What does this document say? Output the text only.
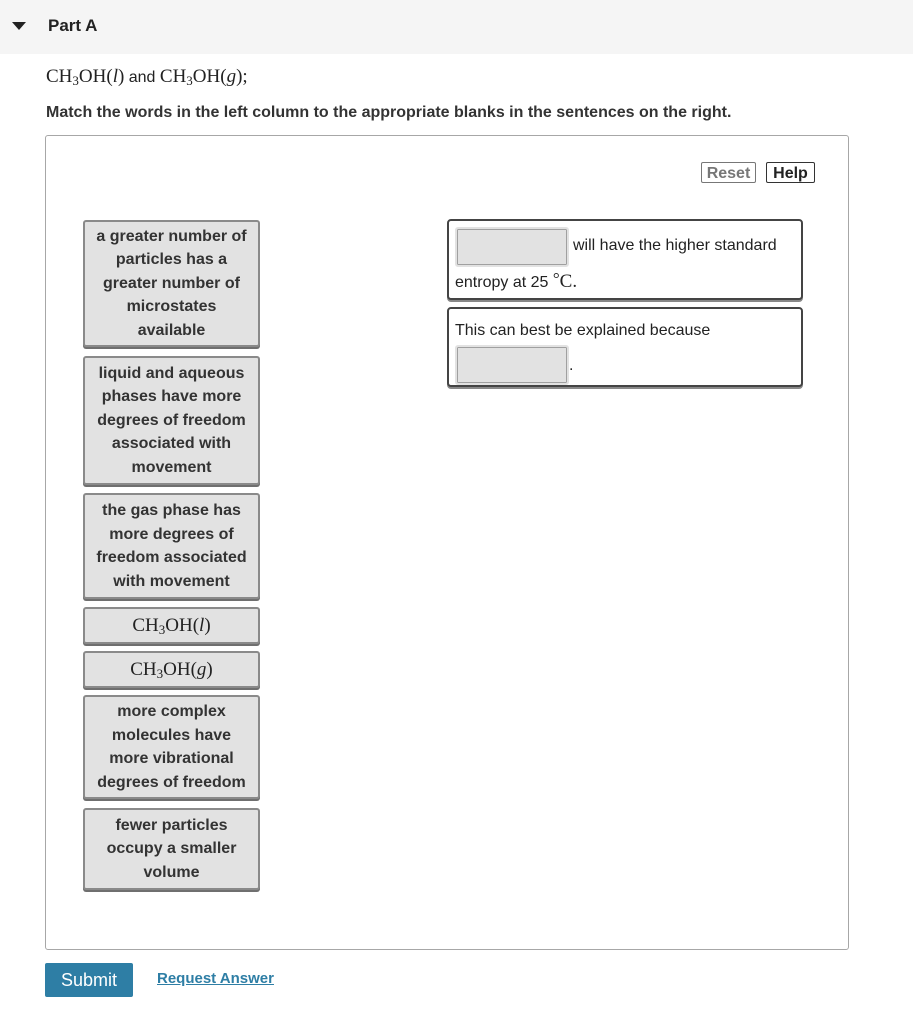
Part A
$CH_3OH(l)$ and $CH_3OH(g)$;
Match the words in the left column to the appropriate blanks in the sentences on the right.
Reset	Help
a greater number of particles has a greater number of microstates available
liquid and aqueous phases have more degrees of freedom associated with movement
the gas phase has more degrees of freedom associated with movement
$CH_3OH(l)$
$CH_3OH(g)$
more complex molecules have more vibrational degrees of freedom
fewer particles occupy a smaller volume
will have the higher standard
entropy at 25 °C.
This can best be explained because
.
Submit	Request Answer
